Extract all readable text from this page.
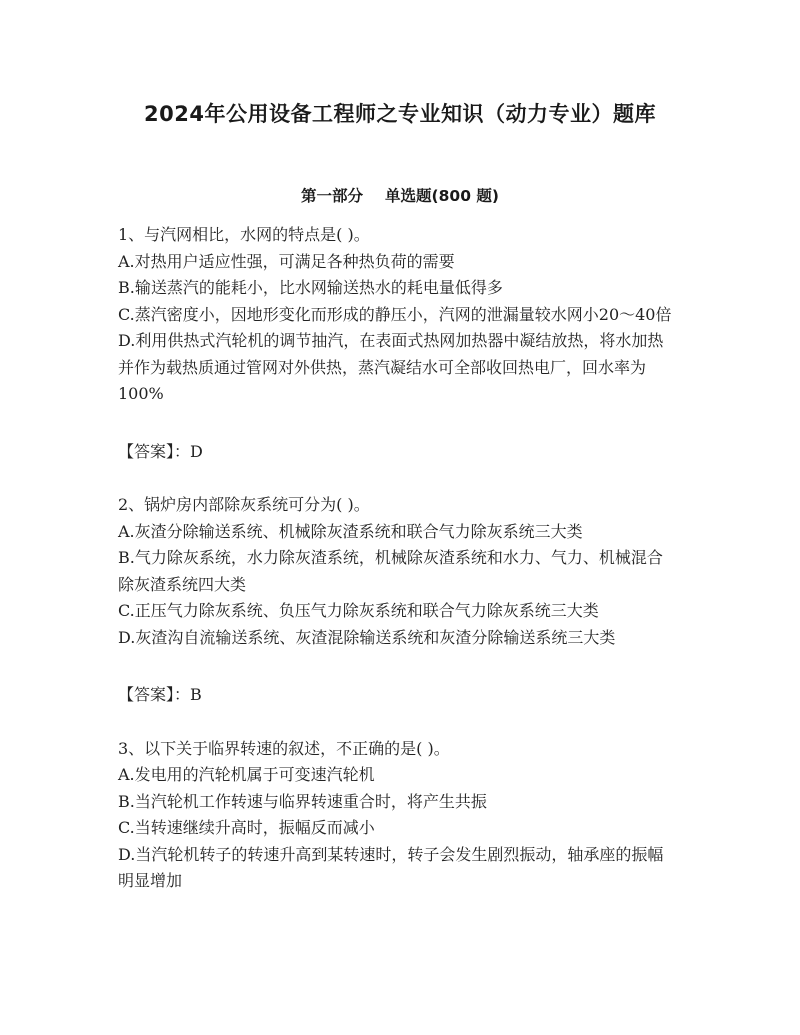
2024年公用设备工程师之专业知识（动力专业）题库
第一部分 单选题(800 题)
1、与汽网相比，水网的特点是( )。
A.对热用户适应性强，可满足各种热负荷的需要
B.输送蒸汽的能耗小，比水网输送热水的耗电量低得多
C.蒸汽密度小，因地形变化而形成的静压小，汽网的泄漏量较水网小20～40倍
D.利用供热式汽轮机的调节抽汽，在表面式热网加热器中凝结放热，将水加热并作为载热质通过管网对外供热，蒸汽凝结水可全部收回热电厂，回水率为100%
【答案】：D
2、锅炉房内部除灰系统可分为( )。
A.灰渣分除输送系统、机械除灰渣系统和联合气力除灰系统三大类
B.气力除灰系统，水力除灰渣系统，机械除灰渣系统和水力、气力、机械混合除灰渣系统四大类
C.正压气力除灰系统、负压气力除灰系统和联合气力除灰系统三大类
D.灰渣沟自流输送系统、灰渣混除输送系统和灰渣分除输送系统三大类
【答案】：B
3、以下关于临界转速的叙述，不正确的是( )。
A.发电用的汽轮机属于可变速汽轮机
B.当汽轮机工作转速与临界转速重合时，将产生共振
C.当转速继续升高时，振幅反而减小
D.当汽轮机转子的转速升高到某转速时，转子会发生剧烈振动，轴承座的振幅明显增加
